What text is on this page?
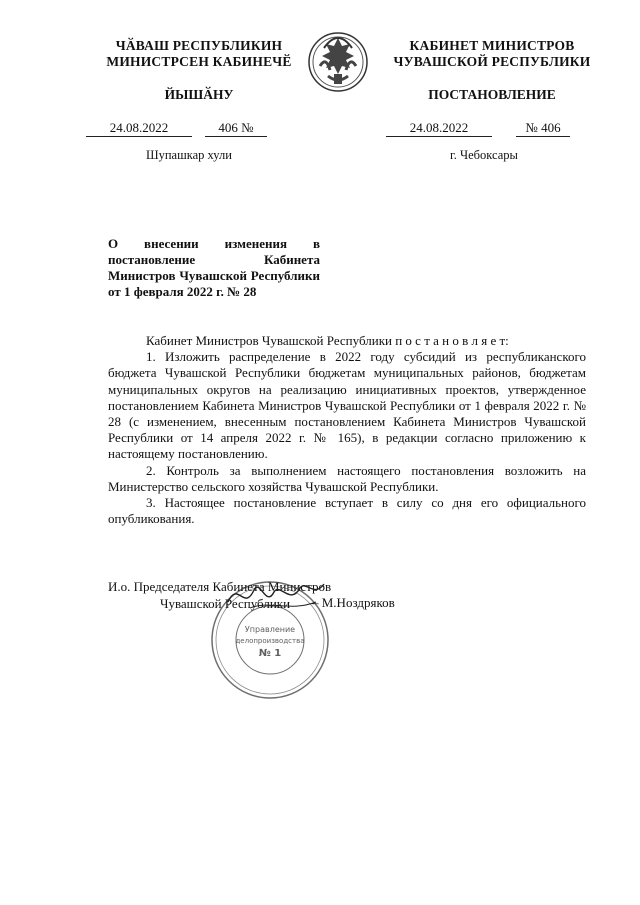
ЧӐВАШ РЕСПУБЛИКИН
МИНИСТРСЕН КАБИНЕЧӖ
ЙЫШӐНУ
КАБИНЕТ МИНИСТРОВ
ЧУВАШСКОЙ РЕСПУБЛИКИ
ПОСТАНОВЛЕНИЕ
24.08.2022	406 №	24.08.2022	№ 406
Шупашкар хули	г. Чебоксары
О внесении изменения в постановление Кабинета Министров Чувашской Республики от 1 февраля 2022 г. № 28

Кабинет Министров Чувашской Республики п о с т а н о в л я е т:

1. Изложить распределение в 2022 году субсидий из республиканского бюджета Чувашской Республики бюджетам муниципальных районов, бюджетам муниципальных округов на реализацию инициативных проектов, утвержденное постановлением Кабинета Министров Чувашской Республики от 1 февраля 2022 г. № 28 (с изменением, внесенным постановлением Кабинета Министров Чувашской Республики от 14 апреля 2022 г. № 165), в редакции согласно приложению к настоящему постановлению.

2. Контроль за выполнением настоящего постановления возложить на Министерство сельского хозяйства Чувашской Республики.

3. Настоящее постановление вступает в силу со дня его официального опубликования.

Управление
делопроизводства
№ 1
И.о. Председателя Кабинета Министров
Чувашской Республики	– М.Ноздряков
